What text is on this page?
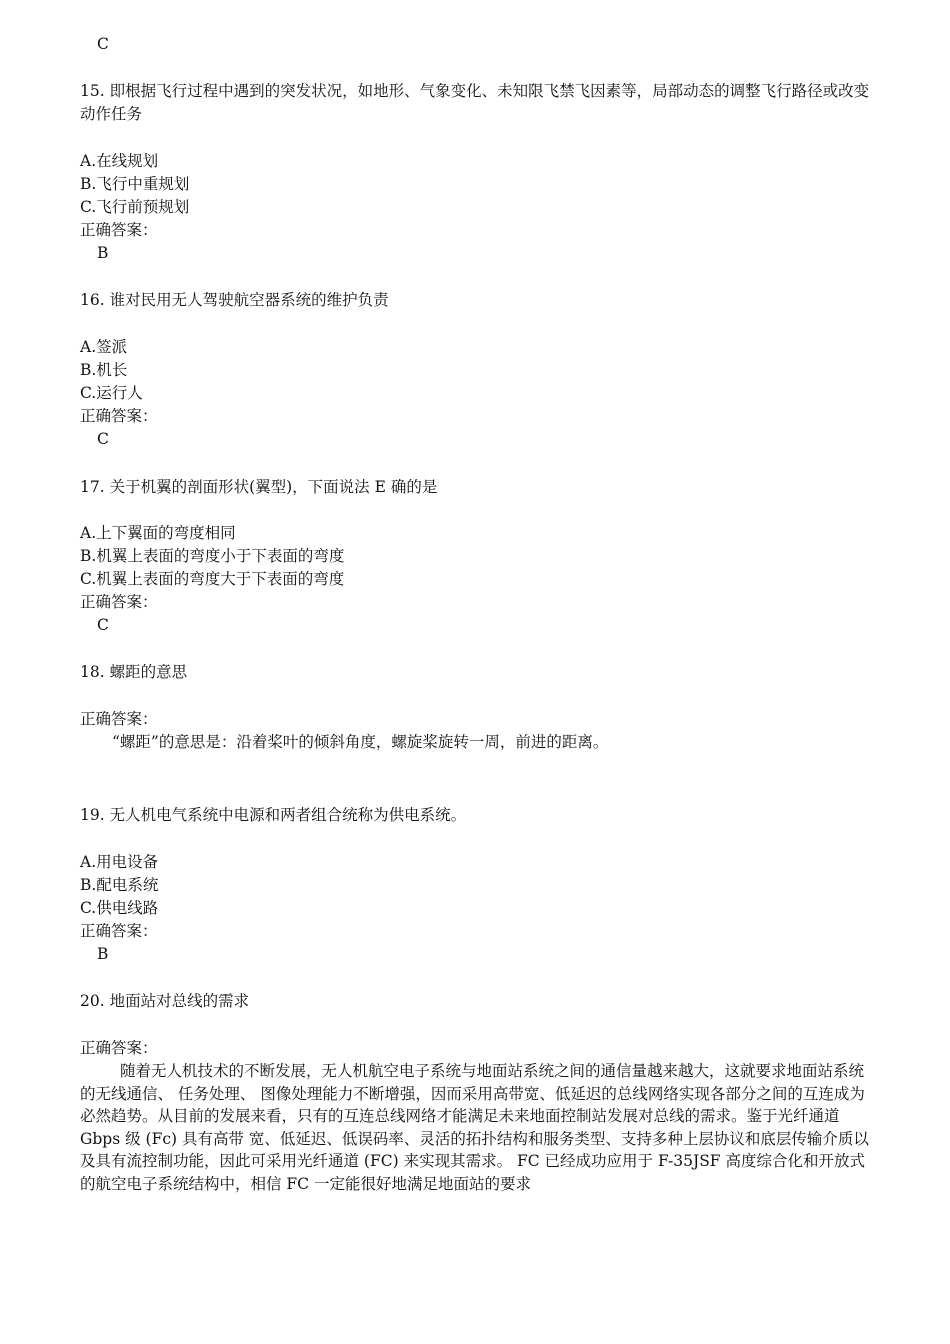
C
15. 即根据飞行过程中遇到的突发状况，如地形、气象变化、未知限飞禁飞因素等，局部动态的调整飞行路径或改变动作任务
A.在线规划
B.飞行中重规划
C.飞行前预规划
正确答案：
B
16. 谁对民用无人驾驶航空器系统的维护负责
A.签派
B.机长
C.运行人
正确答案：
C
17. 关于机翼的剖面形状(翼型)，下面说法 E 确的是
A.上下翼面的弯度相同
B.机翼上表面的弯度小于下表面的弯度
C.机翼上表面的弯度大于下表面的弯度
正确答案：
C
18. 螺距的意思
正确答案：
“螺距”的意思是：沿着桨叶的倾斜角度，螺旋桨旋转一周，前进的距离。
19. 无人机电气系统中电源和两者组合统称为供电系统。
A.用电设备
B.配电系统
C.供电线路
正确答案：
B
20. 地面站对总线的需求
正确答案：
随着无人机技术的不断发展，无人机航空电子系统与地面站系统之间的通信量越来越大，这就要求地面站系统的无线通信、 任务处理、 图像处理能力不断增强，因而采用高带宽、低延迟的总线网络实现各部分之间的互连成为必然趋势。从目前的发展来看，只有的互连总线网络才能满足未来地面控制站发展对总线的需求。鉴于光纤通道 Gbps 级 (Fc) 具有高带 宽、低延迟、低误码率、灵活的拓扑结构和服务类型、支持多种上层协议和底层传输介质以 及具有流控制功能，因此可采用光纤通道 (FC) 来实现其需求。 FC 已经成功应用于 F-35JSF 高度综合化和开放式的航空电子系统结构中，相信 FC 一定能很好地满足地面站的要求
